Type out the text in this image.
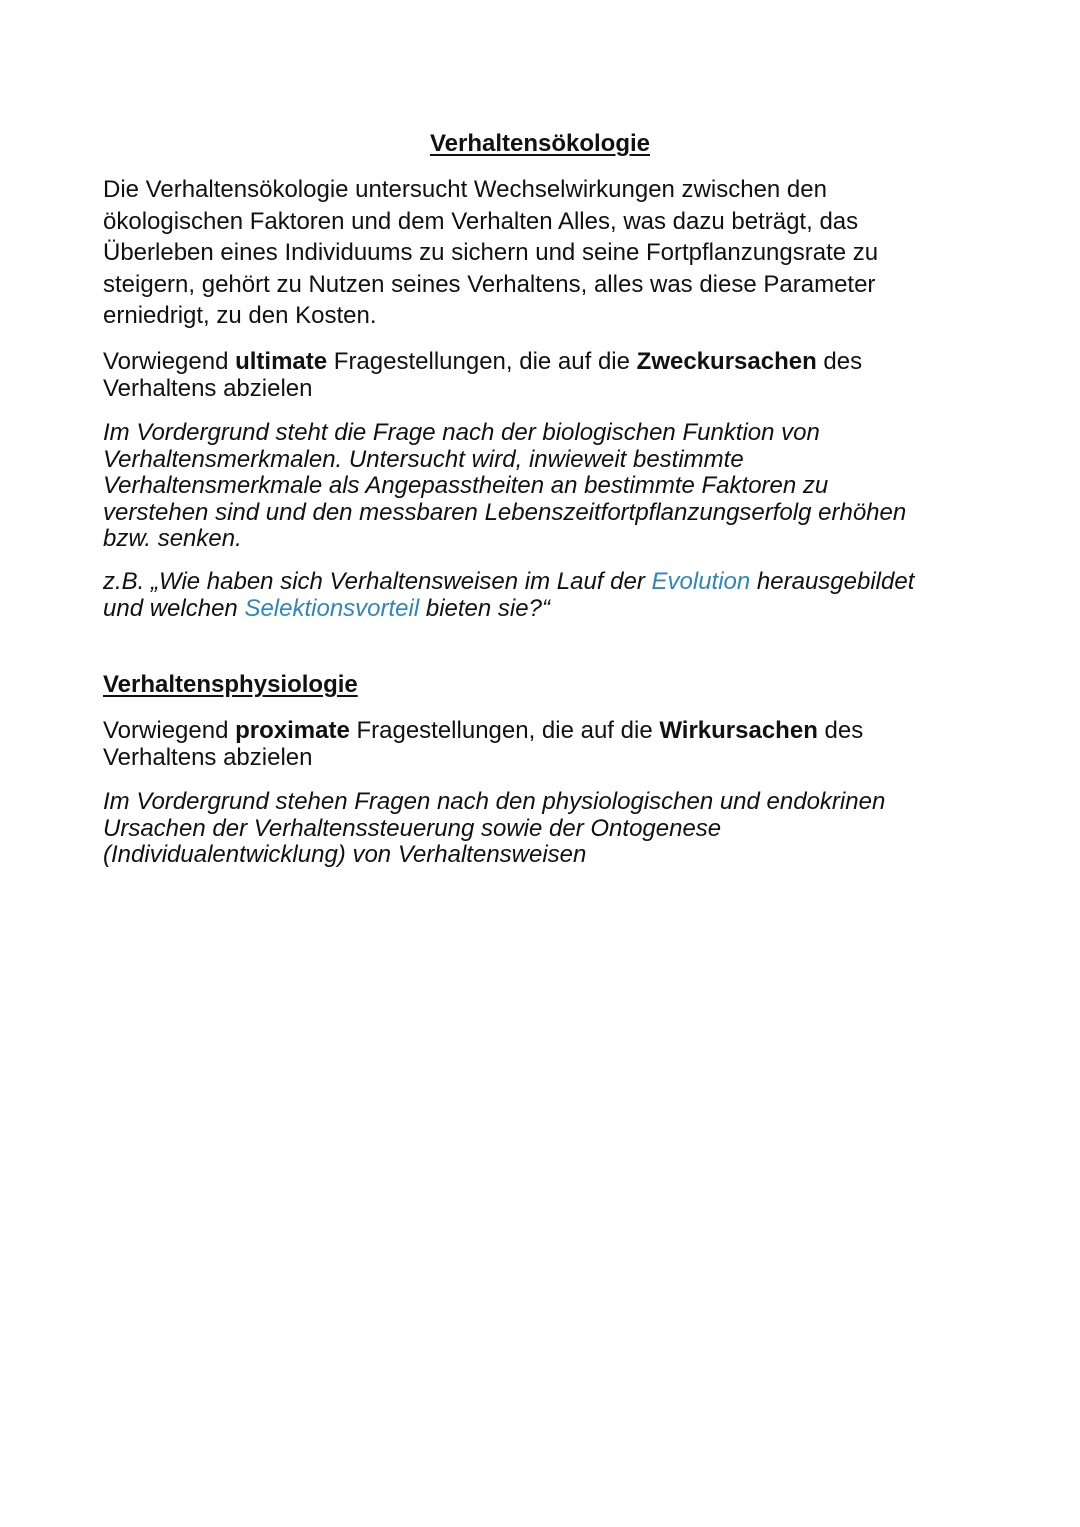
Verhaltensökologie

Die Verhaltensökologie untersucht Wechselwirkungen zwischen den
ökologischen Faktoren und dem Verhalten Alles, was dazu beträgt, das
Überleben eines Individuums zu sichern und seine Fortpflanzungsrate zu
steigern, gehört zu Nutzen seines Verhaltens, alles was diese Parameter
erniedrigt, zu den Kosten.

Vorwiegend ultimate Fragestellungen, die auf die Zweckursachen des
Verhaltens abzielen

Im Vordergrund steht die Frage nach der biologischen Funktion von
Verhaltensmerkmalen. Untersucht wird, inwieweit bestimmte
Verhaltensmerkmale als Angepasstheiten an bestimmte Faktoren zu
verstehen sind und den messbaren Lebenszeitfortpflanzungserfolg erhöhen
bzw. senken.

z.B. „Wie haben sich Verhaltensweisen im Lauf der Evolution herausgebildet
und welchen Selektionsvorteil bieten sie?“

Verhaltensphysiologie

Vorwiegend proximate Fragestellungen, die auf die Wirkursachen des
Verhaltens abzielen

Im Vordergrund stehen Fragen nach den physiologischen und endokrinen
Ursachen der Verhaltenssteuerung sowie der Ontogenese
(Individualentwicklung) von Verhaltensweisen
